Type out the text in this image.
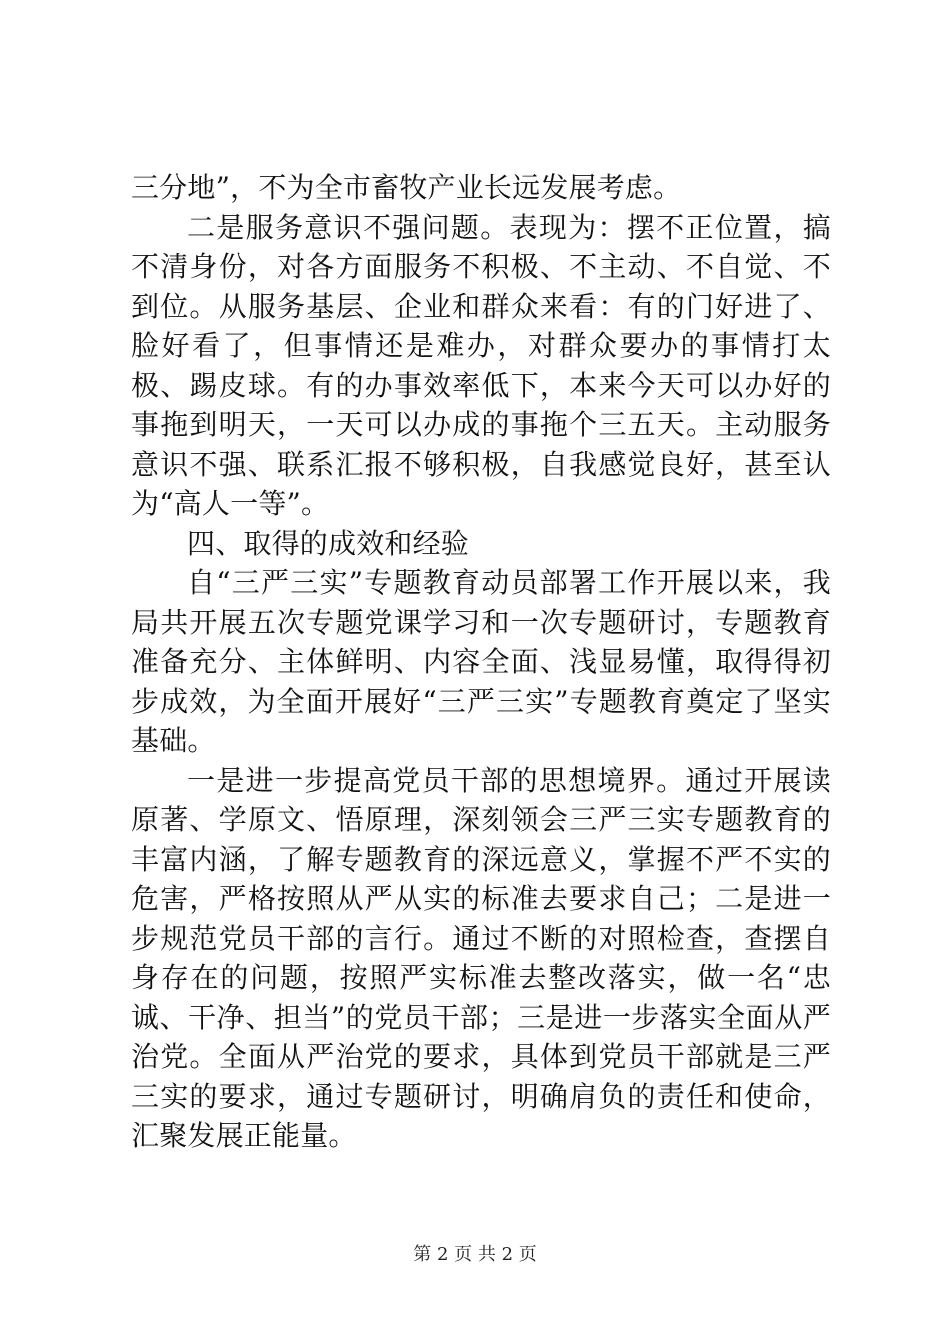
三分地”，不为全市畜牧产业长远发展考虑。

二是服务意识不强问题。表现为：摆不正位置，搞不清身份，对各方面服务不积极、不主动、不自觉、不到位。从服务基层、企业和群众来看：有的门好进了、脸好看了，但事情还是难办，对群众要办的事情打太极、踢皮球。有的办事效率低下，本来今天可以办好的事拖到明天，一天可以办成的事拖个三五天。主动服务意识不强、联系汇报不够积极，自我感觉良好，甚至认为“高人一等”。

四、取得的成效和经验

自“三严三实”专题教育动员部署工作开展以来，我局共开展五次专题党课学习和一次专题研讨，专题教育准备充分、主体鲜明、内容全面、浅显易懂，取得得初步成效，为全面开展好“三严三实”专题教育奠定了坚实基础。

一是进一步提高党员干部的思想境界。通过开展读原著、学原文、悟原理，深刻领会三严三实专题教育的丰富内涵，了解专题教育的深远意义，掌握不严不实的危害，严格按照从严从实的标准去要求自己；二是进一步规范党员干部的言行。通过不断的对照检查，查摆自身存在的问题，按照严实标准去整改落实，做一名“忠诚、干净、担当”的党员干部；三是进一步落实全面从严治党。全面从严治党的要求，具体到党员干部就是三严三实的要求，通过专题研讨，明确肩负的责任和使命，汇聚发展正能量。

第 2 页 共 2 页
